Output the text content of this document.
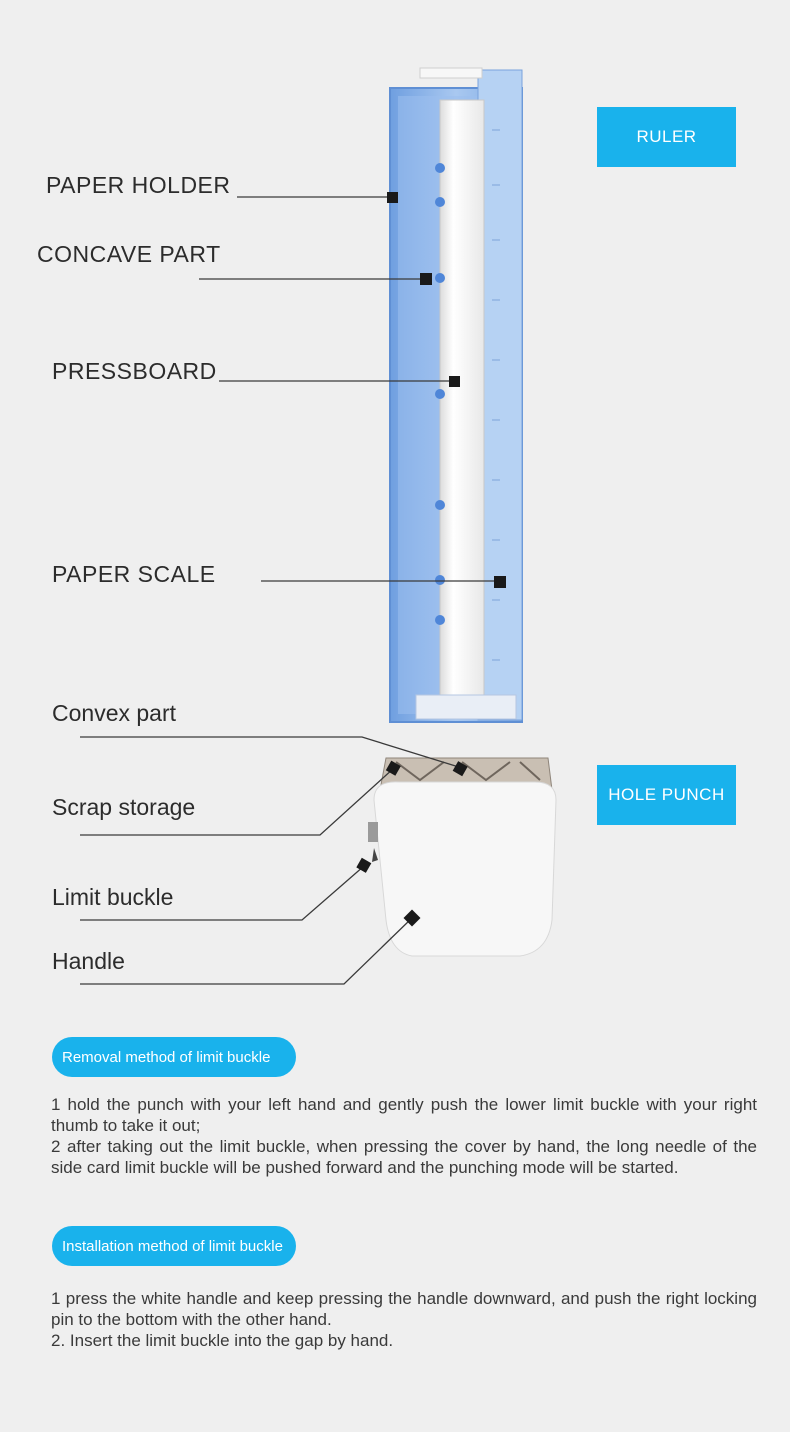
PAPER HOLDER
CONCAVE PART
PRESSBOARD
PAPER SCALE
Convex part
Scrap storage
Limit buckle
Handle
RULER
HOLE PUNCH
Removal method of limit buckle

1 hold the punch with your left hand and gently push the lower limit buckle with your right thumb to take it out;

2 after taking out the limit buckle, when pressing the cover by hand, the long needle of the side card limit buckle will be pushed forward and the punching mode will be started.

Installation method of limit buckle

1 press the white handle and keep pressing the handle downward, and push the right locking pin to the bottom with the other hand.

2. Insert the limit buckle into the gap by hand.
